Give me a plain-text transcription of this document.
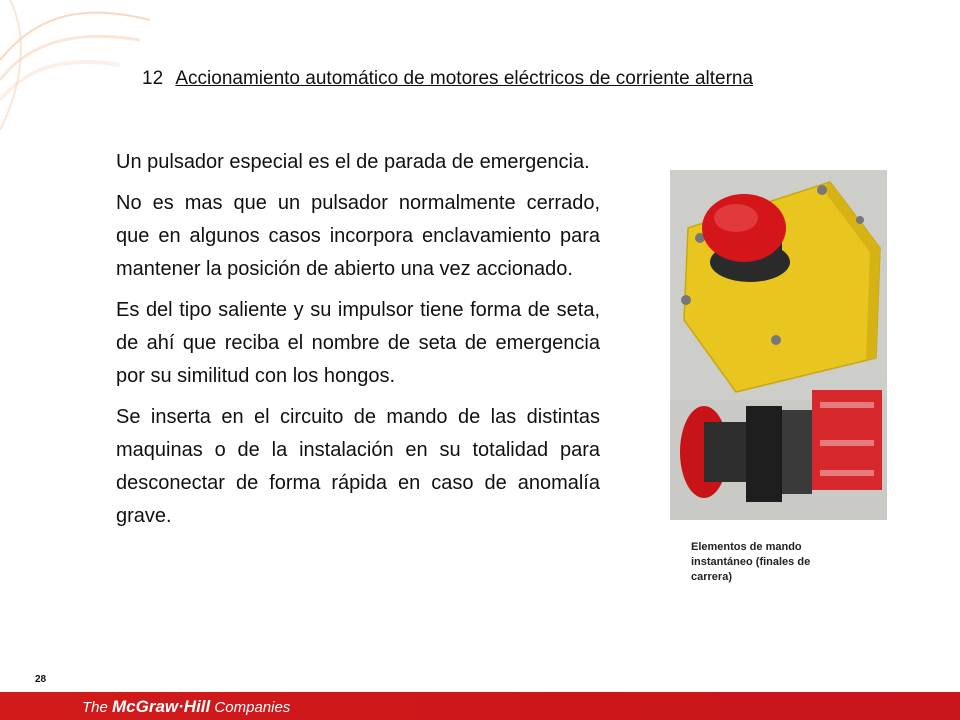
12 Accionamiento automático de motores eléctricos de corriente alterna

Un pulsador especial es el de parada de emergencia.

No es mas que un pulsador normalmente cerrado, que en algunos casos incorpora enclavamiento para mantener la posición de abierto una vez accionado.

Es del tipo saliente y su impulsor tiene forma de seta, de ahí que reciba el nombre de seta de emergencia por su similitud con los hongos.

Se inserta en el circuito de mando de las distintas maquinas o de la instalación en su totalidad para desconectar de forma rápida en caso de anomalía grave.

Elementos de mando instantáneo (finales de carrera)
28
The McGraw·Hill Companies
